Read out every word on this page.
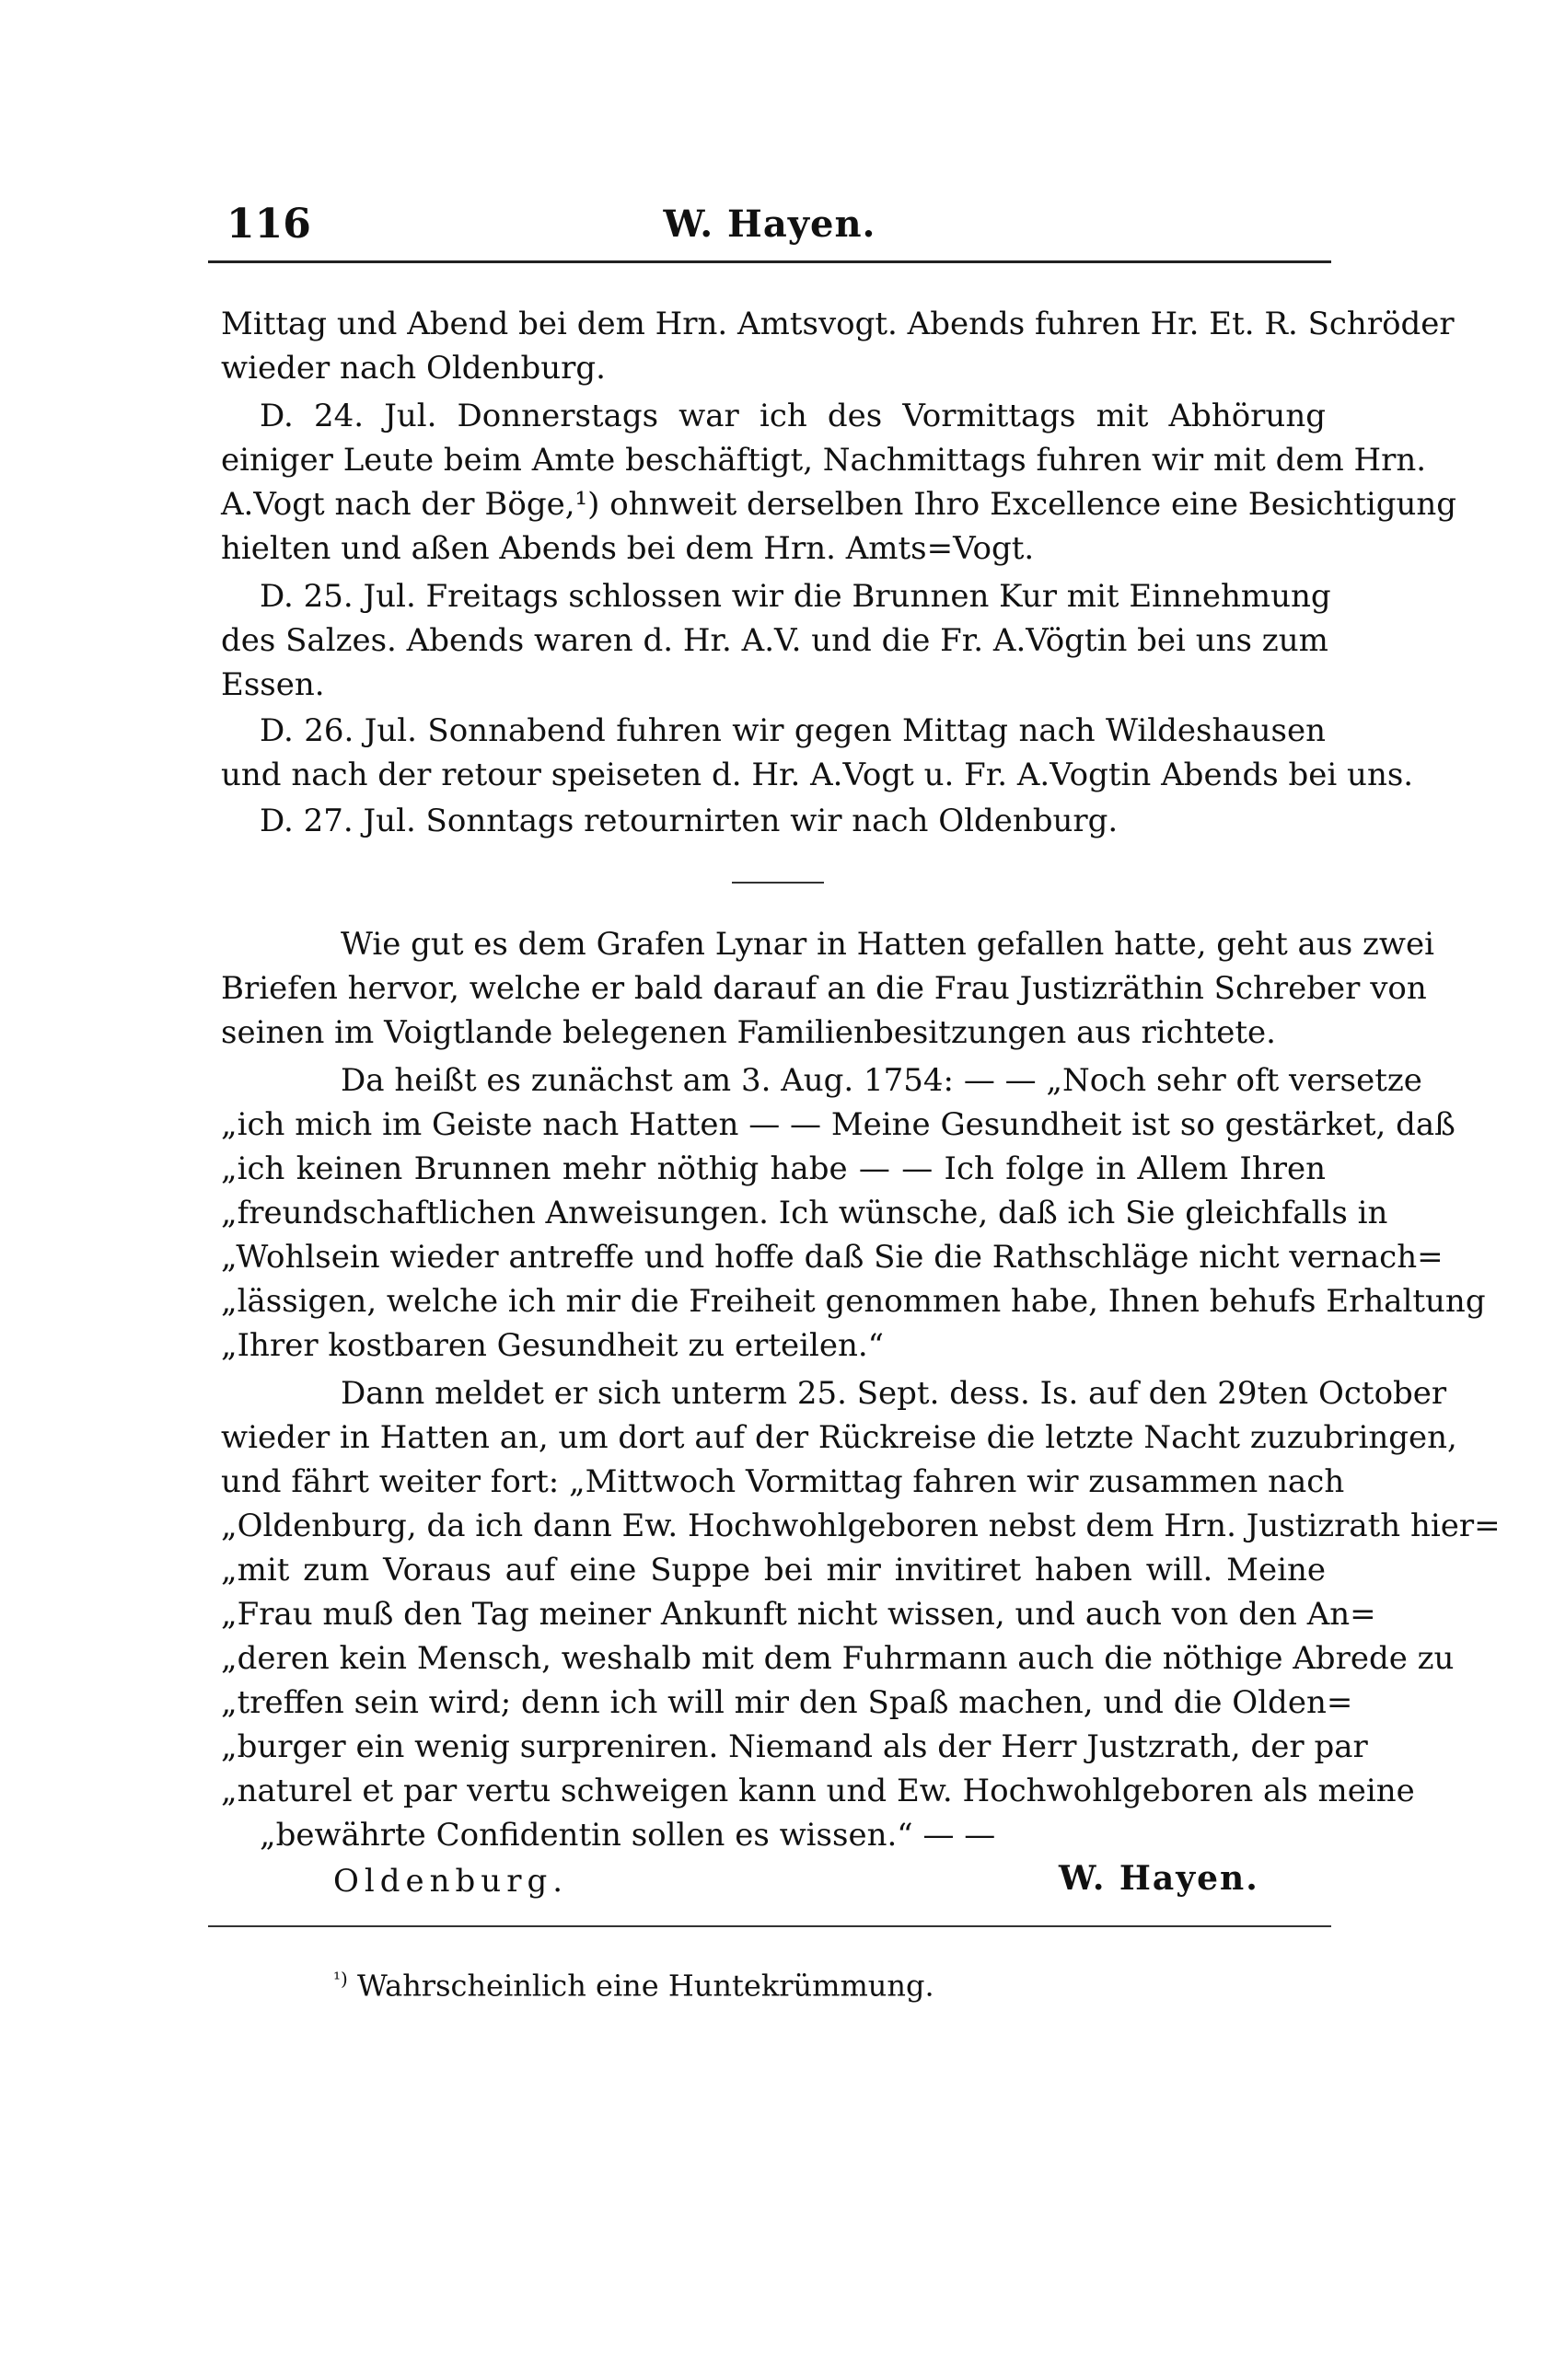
116	W. Hayen.
Mittag und Abend bei dem Hrn. Amtsvogt. Abends fuhren Hr. Et. R. Schröder
wieder nach Oldenburg.
D. 24. Jul. Donnerstags war ich des Vormittags mit Abhörung
einiger Leute beim Amte beschäftigt, Nachmittags fuhren wir mit dem Hrn.
A.Vogt nach der Böge,¹) ohnweit derselben Ihro Excellence eine Besichtigung
hielten und aßen Abends bei dem Hrn. Amts=Vogt.
D. 25. Jul. Freitags schlossen wir die Brunnen Kur mit Einnehmung
des Salzes. Abends waren d. Hr. A.V. und die Fr. A.Vögtin bei uns zum
Essen.
D. 26. Jul. Sonnabend fuhren wir gegen Mittag nach Wildeshausen
und nach der retour speiseten d. Hr. A.Vogt u. Fr. A.Vogtin Abends bei uns.
D. 27. Jul. Sonntags retournirten wir nach Oldenburg.
Wie gut es dem Grafen Lynar in Hatten gefallen hatte, geht aus zwei
Briefen hervor, welche er bald darauf an die Frau Justizräthin Schreber von
seinen im Voigtlande belegenen Familienbesitzungen aus richtete.
Da heißt es zunächst am 3. Aug. 1754: — — „Noch sehr oft versetze
„ich mich im Geiste nach Hatten — — Meine Gesundheit ist so gestärket, daß
„ich keinen Brunnen mehr nöthig habe — — Ich folge in Allem Ihren
„freundschaftlichen Anweisungen. Ich wünsche, daß ich Sie gleichfalls in
„Wohlsein wieder antreffe und hoffe daß Sie die Rathschläge nicht vernach=
„lässigen, welche ich mir die Freiheit genommen habe, Ihnen behufs Erhaltung
„Ihrer kostbaren Gesundheit zu erteilen.“
Dann meldet er sich unterm 25. Sept. dess. Is. auf den 29ten October
wieder in Hatten an, um dort auf der Rückreise die letzte Nacht zuzubringen,
und fährt weiter fort: „Mittwoch Vormittag fahren wir zusammen nach
„Oldenburg, da ich dann Ew. Hochwohlgeboren nebst dem Hrn. Justizrath hier=
„mit zum Voraus auf eine Suppe bei mir invitiret haben will. Meine
„Frau muß den Tag meiner Ankunft nicht wissen, und auch von den An=
„deren kein Mensch, weshalb mit dem Fuhrmann auch die nöthige Abrede zu
„treffen sein wird; denn ich will mir den Spaß machen, und die Olden=
„burger ein wenig surpreniren. Niemand als der Herr Justzrath, der par
„naturel et par vertu schweigen kann und Ew. Hochwohlgeboren als meine
„bewährte Confidentin sollen es wissen.“ — —
Oldenburg.	W. Hayen.
$^{^1)}$ Wahrscheinlich eine Huntekrümmung.
